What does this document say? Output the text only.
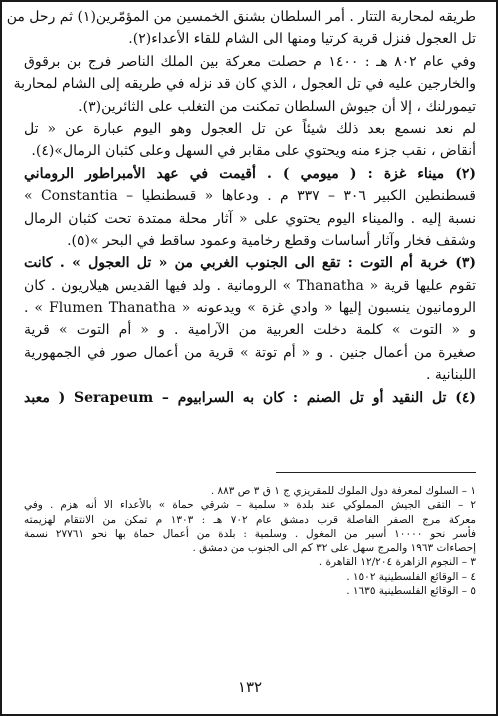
طريقه لمحاربة التتار . أمر السلطان بشنق الخمسين من المؤمّرين(١) ثم رحل من
تل العجول فنزل قرية كرتيا ومنها الى الشام للقاء الأعداء(٢).
وفي عام ٨٠٢ هـ : ١٤٠٠ م حصلت معركة بين الملك الناصر فرج بن برقوق
والخارجين عليه في تل العجول ، الذي كان قد نزله في طريقه إلى الشام لمحاربة
تيمورلنك ، إلا أن جيوش السلطان تمكنت من التغلب على الثائرين(٣).
لم نعد نسمع بعد ذلك شيئاً عن تل العجول وهو اليوم عبارة عن « تل
أنقاض ، نقب جزء منه ويحتوي على مقابر في السهل وعلى كثبان الرمال»(٤).
(٢) ميناء غزة : ( ميومي ) . أقيمت في عهد الأمبراطور الروماني
قسطنطين الكبير ٣٠٦ – ٣٣٧ م . ودعاها « قسطنطيا – Constantia »
نسبة إليه . والميناء اليوم يحتوي على « آثار محلة ممتدة تحت كثبان الرمال
وشقف فخار وآثار أساسات وقطع رخامية وعمود ساقط في البحر »(٥).
(٣) خربة أم التوت : تقع الى الجنوب الغربي من « تل العجول » . كانت
تقوم عليها قرية « Thanatha » الرومانية . ولد فيها القديس هيلاريون . كان
الرومانيون ينسبون إليها « وادي غزة » ويدعونه « Flumen Thanatha » .
و « التوت » كلمة دخلت العربية من الآرامية . و « أم التوت » قرية
صغيرة من أعمال جنين . و « أم توتة » قرية من أعمال صور في الجمهورية
اللبنانية .
(٤) تل النقيد أو تل الصنم : كان به السرابيوم – Serapeum ( معبد
١ – السلوك لمعرفة دول الملوك للمقريزي ج ١ ق ٣ ص ٨٨٣ .
٢ – التقى الجيش المملوكي عند بلدة « سلمية – شرقي حماة » بالأعداء الا أنه هزم . وفي
معركة مرج الصفر الفاصلة قرب دمشق عام ٧٠٢ هـ : ١٣٠٣ م تمكن من الانتقام لهزيمته
فأسر نحو ١٠٠٠٠ أسير من المغول . وسلمية : بلدة من أعمال حماة بها نحو ٢٧٧٦١ نسمة
إحصاءات ١٩٦٣ والمرج سهل على ٣٢ كم الى الجنوب من دمشق .
٣ – النجوم الزاهرة ١٢/٢٠٤ القاهرة .
٤ – الوقائع الفلسطينية ١٥٠٢ .
٥ – الوقائع الفلسطينية ١٦٣٥ .
١٣٢
